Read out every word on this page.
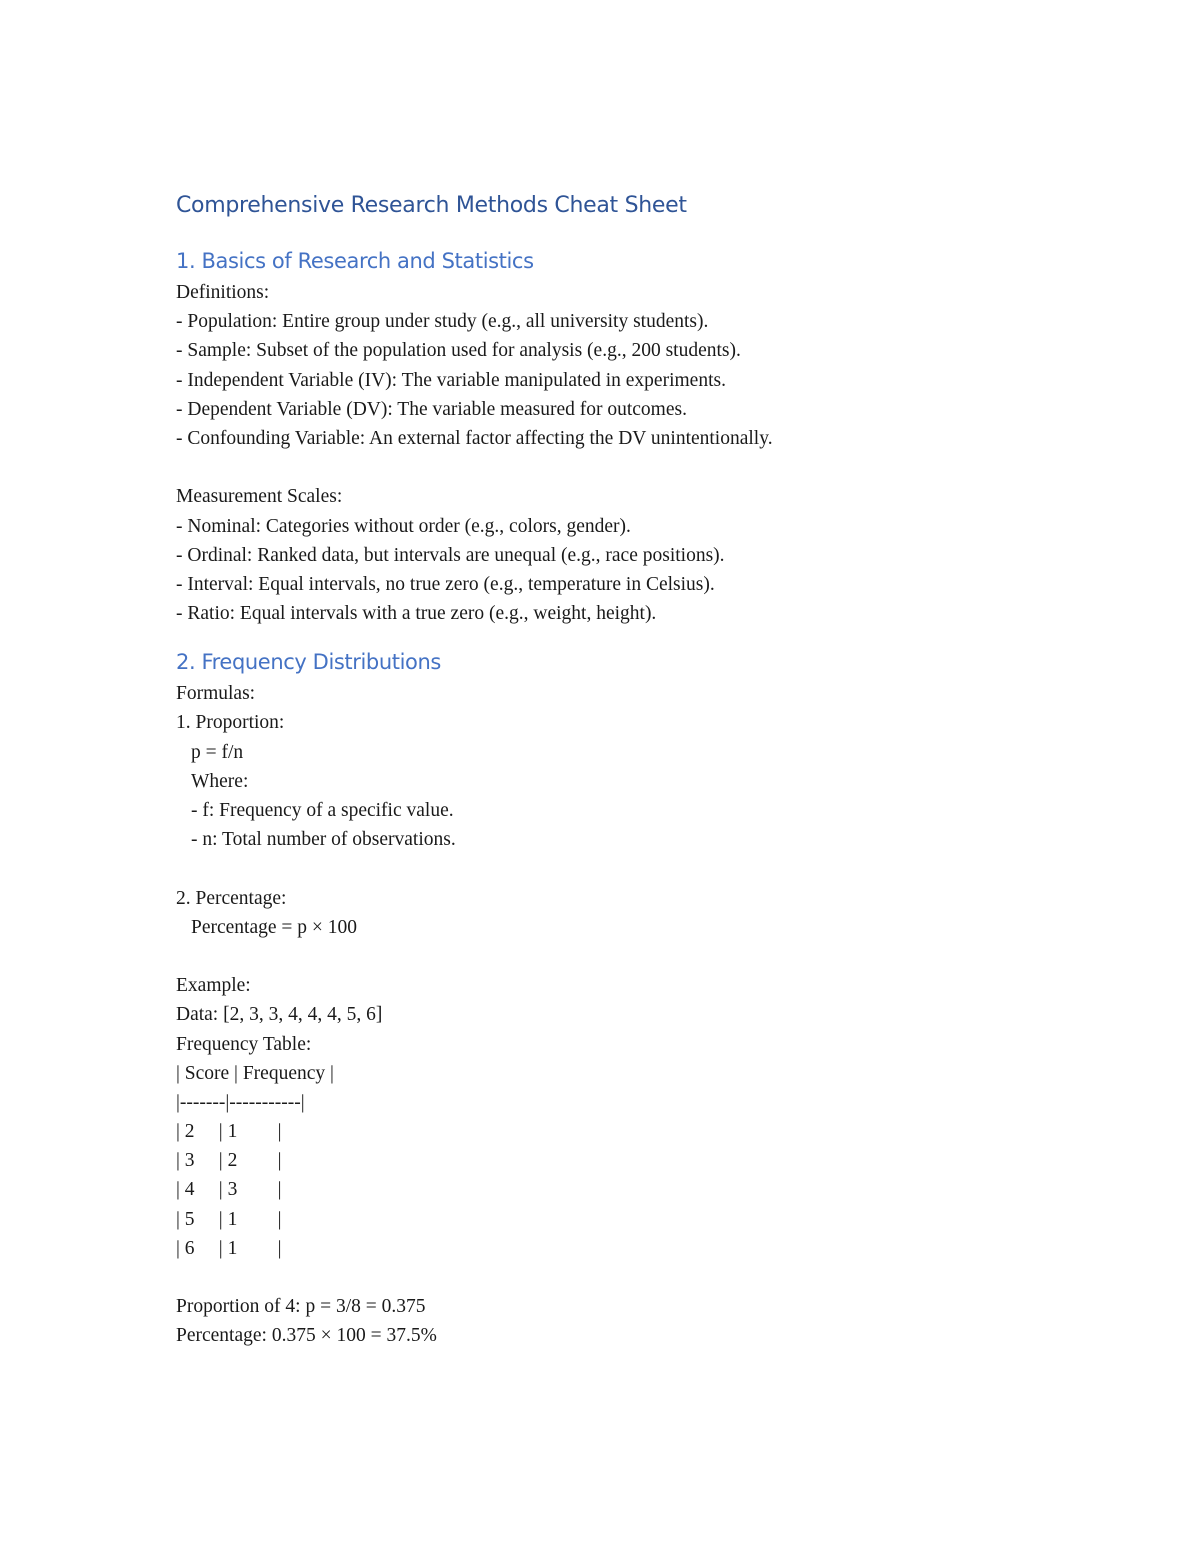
Comprehensive Research Methods Cheat Sheet
1. Basics of Research and Statistics
Definitions:
- Population: Entire group under study (e.g., all university students).
- Sample: Subset of the population used for analysis (e.g., 200 students).
- Independent Variable (IV): The variable manipulated in experiments.
- Dependent Variable (DV): The variable measured for outcomes.
- Confounding Variable: An external factor affecting the DV unintentionally.
Measurement Scales:
- Nominal: Categories without order (e.g., colors, gender).
- Ordinal: Ranked data, but intervals are unequal (e.g., race positions).
- Interval: Equal intervals, no true zero (e.g., temperature in Celsius).
- Ratio: Equal intervals with a true zero (e.g., weight, height).
2. Frequency Distributions
Formulas:
1. Proportion:
p = f/n
Where:
- f: Frequency of a specific value.
- n: Total number of observations.
2. Percentage:
Percentage = p × 100
Example:
Data: [2, 3, 3, 4, 4, 4, 5, 6]
Frequency Table:
| Score | Frequency |
|-------|-----------|
| 2 | 1 |
| 3 | 2 |
| 4 | 3 |
| 5 | 1 |
| 6 | 1 |
Proportion of 4: p = 3/8 = 0.375
Percentage: 0.375 × 100 = 37.5%
